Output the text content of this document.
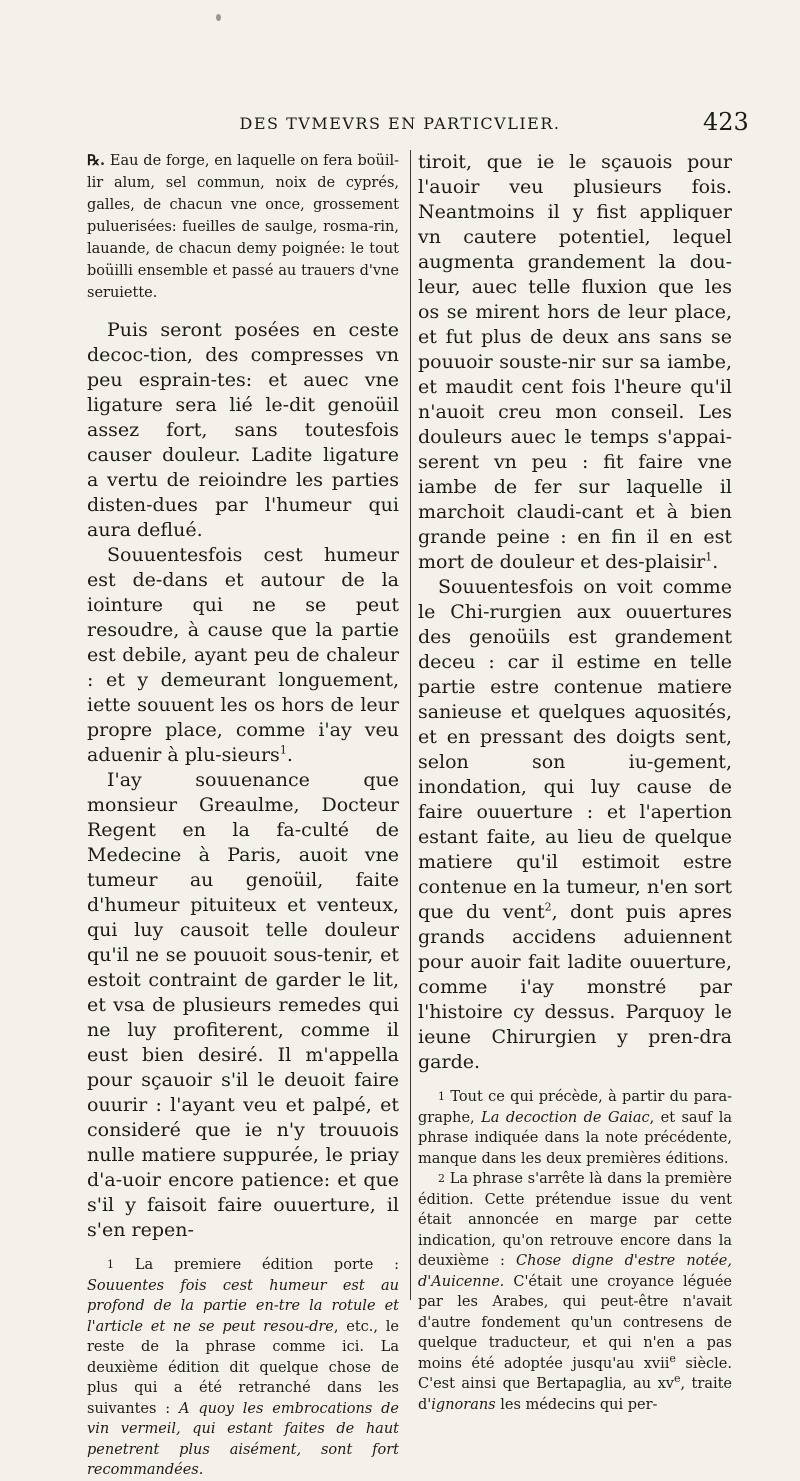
DES TVMEVRS EN PARTICVLIER.	423

℞. Eau de forge, en laquelle on fera boüil-lir alum, sel commun, noix de cyprés, galles, de chacun vne once, grossement puluerisées: fueilles de saulge, rosma-rin, lauande, de chacun demy poignée: le tout boüilli ensemble et passé au trauers d'vne seruiette.

Puis seront posées en ceste decoc-tion, des compresses vn peu esprain-tes: et auec vne ligature sera lié le-dit genoüil assez fort, sans toutesfois causer douleur. Ladite ligature a vertu de reioindre les parties disten-dues par l'humeur qui aura deflué.

Souuentesfois cest humeur est de-dans et autour de la iointure qui ne se peut resoudre, à cause que la partie est debile, ayant peu de chaleur : et y demeurant longuement, iette souuent les os hors de leur propre place, comme i'ay veu aduenir à plu-sieurs$^1$.

I'ay souuenance que monsieur Greaulme, Docteur Regent en la fa-culté de Medecine à Paris, auoit vne tumeur au genoüil, faite d'humeur pituiteux et venteux, qui luy causoit telle douleur qu'il ne se pouuoit sous-tenir, et estoit contraint de garder le lit, et vsa de plusieurs remedes qui ne luy profiterent, comme il eust bien desiré. Il m'appella pour sçauoir s'il le deuoit faire ouurir : l'ayant veu et palpé, et consideré que ie n'y trouuois nulle matiere suppurée, le priay d'a-uoir encore patience: et que s'il y faisoit faire ouuerture, il s'en repen-

$^1$ La premiere édition porte : Souuentes fois cest humeur est au profond de la partie en-tre la rotule et l'article et ne se peut resou-dre, etc., le reste de la phrase comme ici. La deuxième édition dit quelque chose de plus qui a été retranché dans les suivantes : A quoy les embrocations de vin vermeil, qui estant faites de haut penetrent plus aisément, sont fort recommandées.

tiroit, que ie le sçauois pour l'auoir veu plusieurs fois. Neantmoins il y fist appliquer vn cautere potentiel, lequel augmenta grandement la dou-leur, auec telle fluxion que les os se mirent hors de leur place, et fut plus de deux ans sans se pouuoir souste-nir sur sa iambe, et maudit cent fois l'heure qu'il n'auoit creu mon conseil. Les douleurs auec le temps s'appai-serent vn peu : fit faire vne iambe de fer sur laquelle il marchoit claudi-cant et à bien grande peine : en fin il en est mort de douleur et des-plaisir$^1$.

Souuentesfois on voit comme le Chi-rurgien aux ouuertures des genoüils est grandement deceu : car il estime en telle partie estre contenue matiere sanieuse et quelques aquosités, et en pressant des doigts sent, selon son iu-gement, inondation, qui luy cause de faire ouuerture : et l'apertion estant faite, au lieu de quelque matiere qu'il estimoit estre contenue en la tumeur, n'en sort que du vent$^2$, dont puis apres grands accidens aduiennent pour auoir fait ladite ouuerture, comme i'ay monstré par l'histoire cy dessus. Parquoy le ieune Chirurgien y pren-dra garde.

$^1$ Tout ce qui précède, à partir du para-graphe, La decoction de Gaiac, et sauf la phrase indiquée dans la note précédente, manque dans les deux premières éditions.

$^2$ La phrase s'arrête là dans la première édition. Cette prétendue issue du vent était annoncée en marge par cette indication, qu'on retrouve encore dans la deuxième : Chose digne d'estre notée, d'Auicenne. C'était une croyance léguée par les Arabes, qui peut-être n'avait d'autre fondement qu'un contresens de quelque traducteur, et qui n'en a pas moins été adoptée jusqu'au xvii$^e$ siècle. C'est ainsi que Bertapaglia, au $xv^e$, traite d'ignorans les médecins qui per-
